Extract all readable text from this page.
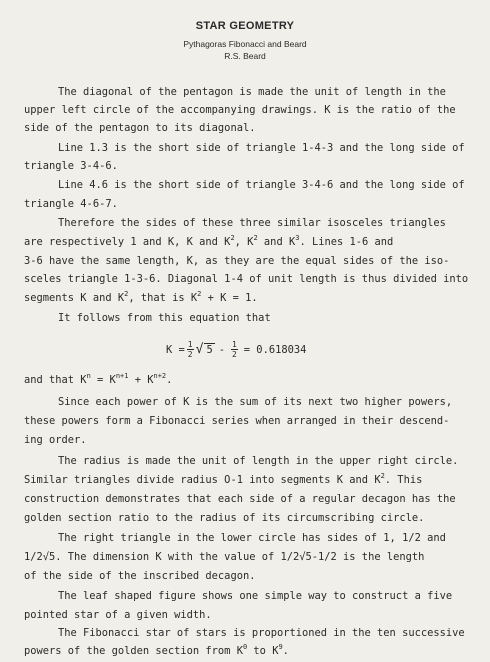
STAR GEOMETRY
Pythagoras Fibonacci and Beard
R.S. Beard
The diagonal of the pentagon is made the unit of length in the
upper left circle of the accompanying drawings. K is the ratio of the
side of the pentagon to its diagonal.
Line 1.3 is the short side of triangle 1-4-3 and the long side of
triangle 3-4-6.
Line 4.6 is the short side of triangle 3-4-6 and the long side of
triangle 4-6-7.
Therefore the sides of these three similar isosceles triangles
are respectively 1 and K, K and $K^2$, $K^2$ and $K^3$. Lines 1-6 and
3-6 have the same length, K, as they are the equal sides of the iso-
sceles triangle 1-3-6. Diagonal 1-4 of unit length is thus divided into
segments K and $K^2$, that is $K^2 + K = 1$.
It follows from this equation that
$K = \frac{1}{2}$ √ $5 - \frac{1}{2} = 0.618034$
and that $K^n = K^{n+1} + K^{n+2}$.
Since each power of K is the sum of its next two higher powers,
these powers form a Fibonacci series when arranged in their descend-
ing order.
The radius is made the unit of length in the upper right circle.
Similar triangles divide radius O-1 into segments K and $K^2$. This
construction demonstrates that each side of a regular decagon has the
golden section ratio to the radius of its circumscribing circle.
The right triangle in the lower circle has sides of 1, 1/2 and
1/2√5. The dimension K with the value of 1/2√5-1/2 is the length
of the side of the inscribed decagon.
The leaf shaped figure shows one simple way to construct a five
pointed star of a given width.
The Fibonacci star of stars is proportioned in the ten successive
powers of the golden section from $K^0$ to $K^9$.
